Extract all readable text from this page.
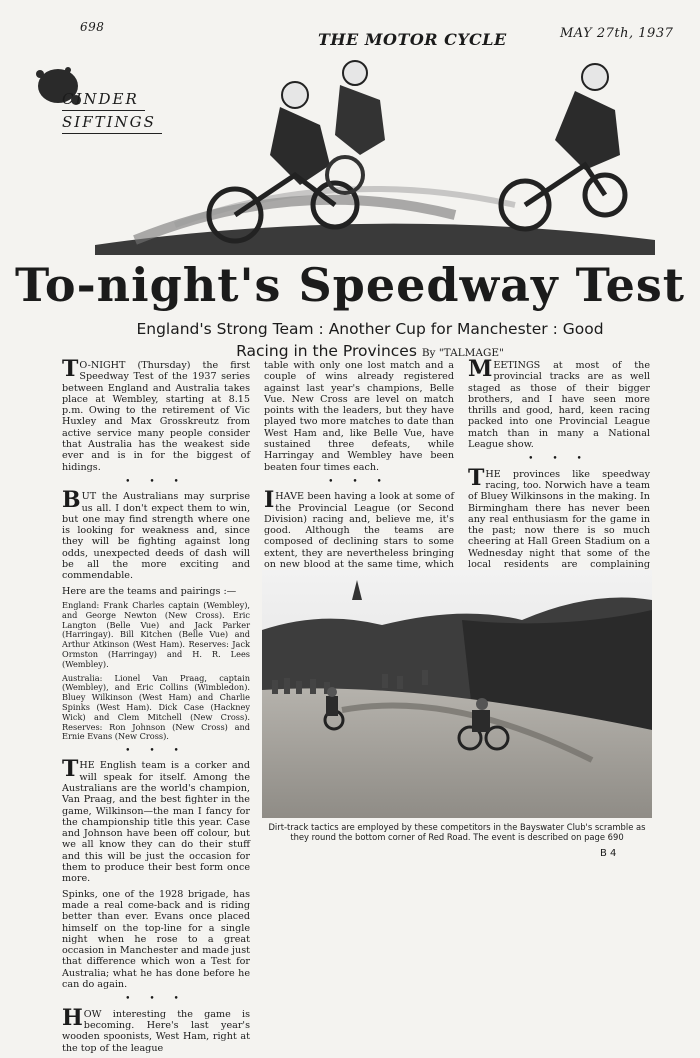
698
THE MOTOR CYCLE	MAY 27th, 1937
CINDER
SIFTINGS
To-night's Speedway Test
England's Strong Team : Another Cup for Manchester : Good
Racing in the Provinces By "TALMAGE"

T O-NIGHT (Thursday) the first Speedway Test of the 1937 series between England and Australia takes place at Wembley, starting at 8.15 p.m. Owing to the retirement of Vic Huxley and Max Grosskreutz from active service many people consider that Australia has the weakest side ever and is in for the biggest of hidings.

• • •

BUT the Australians may surprise us all. I don't expect them to win, but one may find strength where one is looking for weakness and, since they will be fighting against long odds, unexpected deeds of dash will be all the more exciting and commendable.

Here are the teams and pairings :—

England: Frank Charles captain (Wembley), and George Newton (New Cross). Eric Langton (Belle Vue) and Jack Parker (Harringay). Bill Kitchen (Belle Vue) and Arthur Atkinson (West Ham). Reserves: Jack Ormston (Harringay) and H. R. Lees (Wembley).

Australia: Lionel Van Praag, captain (Wembley), and Eric Collins (Wimbledon). Bluey Wilkinson (West Ham) and Charlie Spinks (West Ham). Dick Case (Hackney Wick) and Clem Mitchell (New Cross). Reserves: Ron Johnson (New Cross) and Ernie Evans (New Cross).

• • •

THE English team is a corker and will speak for itself. Among the Australians are the world's champion, Van Praag, and the best fighter in the game, Wilkinson—the man I fancy for the championship title this year. Case and Johnson have been off colour, but we all know they can do their stuff and this will be just the occasion for them to produce their best form once more.

Spinks, one of the 1928 brigade, has made a real come-back and is riding better than ever. Evans once placed himself on the top-line for a single night when he rose to a great occasion in Manchester and made just that difference which won a Test for Australia; what he has done before he can do again.

• • •

HOW interesting the game is becoming. Here's last year's wooden spoonists, West Ham, right at the top of the league

table with only one lost match and a couple of wins already registered against last year's champions, Belle Vue. New Cross are level on match points with the leaders, but they have played two more matches to date than West Ham and, like Belle Vue, have sustained three defeats, while Harringay and Wembley have been beaten four times each.

• • •

IHAVE been having a look at some of the Provincial League (or Second Division) racing and, believe me, it's good. Although the teams are composed of declining stars to some extent, they are nevertheless bringing on new blood at the same time, which

MEETINGS at most of the provincial tracks are as well staged as those of their bigger brothers, and I have seen more thrills and good, hard, keen racing packed into one Provincial League match than in many a National League show.

• • •

THE provinces like speedway racing, too. Norwich have a team of Bluey Wilkinsons in the making. In Birmingham there has never been any real enthusiasm for the game in the past; now there is so much cheering at Hall Green Stadium on a Wednesday night that some of the local residents are complaining

Dirt-track tactics are employed by these competitors in the Bayswater Club's scramble as they round the bottom corner of Red Road. The event is described on page 690
B 4
